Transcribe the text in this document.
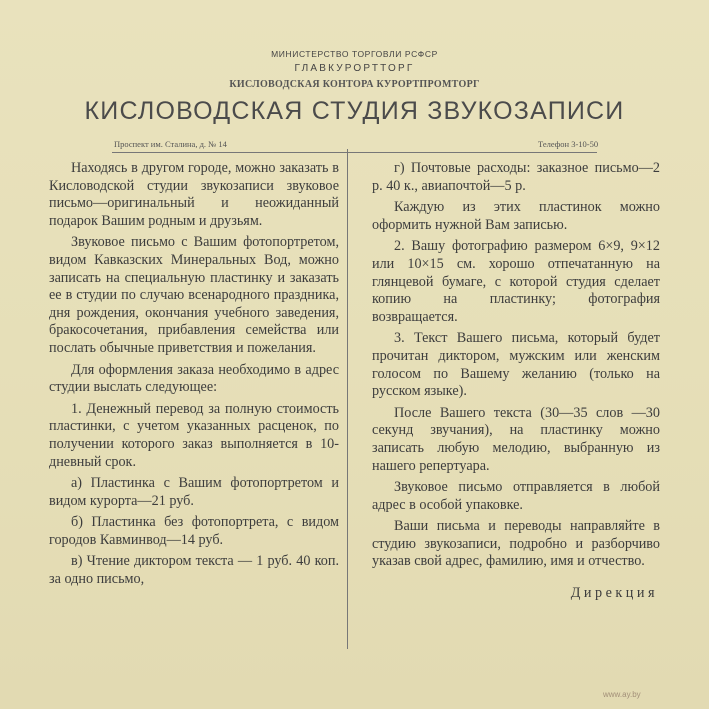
МИНИСТЕРСТВО ТОРГОВЛИ РСФСР
ГЛАВКУРОРТТОРГ
КИСЛОВОДСКАЯ КОНТОРА КУРОРТПРОМТОРГ
КИСЛОВОДСКАЯ СТУДИЯ ЗВУКОЗАПИСИ
Проспект им. Сталина, д. № 14	Телефон 3-10-50

Находясь в другом городе, можно заказать в Кисловодской студии звукозаписи звуковое письмо—оригинальный и неожиданный подарок Вашим родным и друзьям.

Звуковое письмо с Вашим фотопортретом, видом Кавказских Минеральных Вод, можно записать на специальную пластинку и заказать ее в студии по случаю всенародного праздника, дня рождения, окончания учебного заведения, бракосочетания, прибавления семейства или послать обычные приветствия и пожелания.

Для оформления заказа необходимо в адрес студии выслать следующее:

1. Денежный перевод за полную стоимость пластинки, с учетом указанных расценок, по получении которого заказ выполняется в 10-дневный срок.

а) Пластинка с Вашим фотопортретом и видом курорта—21 руб.

б) Пластинка без фотопортрета, с видом городов Кавминвод—14 руб.

в) Чтение диктором текста — 1 руб. 40 коп. за одно письмо,

г) Почтовые расходы: заказное письмо—2 р. 40 к., авиапочтой—5 р.

Каждую из этих пластинок можно оформить нужной Вам записью.

2. Вашу фотографию размером 6×9, 9×12 или 10×15 см. хорошо отпечатанную на глянцевой бумаге, с которой студия сделает копию на пластинку; фотография возвращается.

3. Текст Вашего письма, который будет прочитан диктором, мужским или женским голосом по Вашему желанию (только на русском языке).

После Вашего текста (30—35 слов —30 секунд звучания), на пластинку можно записать любую мелодию, выбранную из нашего репертуара.

Звуковое письмо отправляется в любой адрес в особой упаковке.

Ваши письма и переводы направляйте в студию звукозаписи, подробно и разборчиво указав свой адрес, фамилию, имя и отчество.

Дирекция

www.ay.by
